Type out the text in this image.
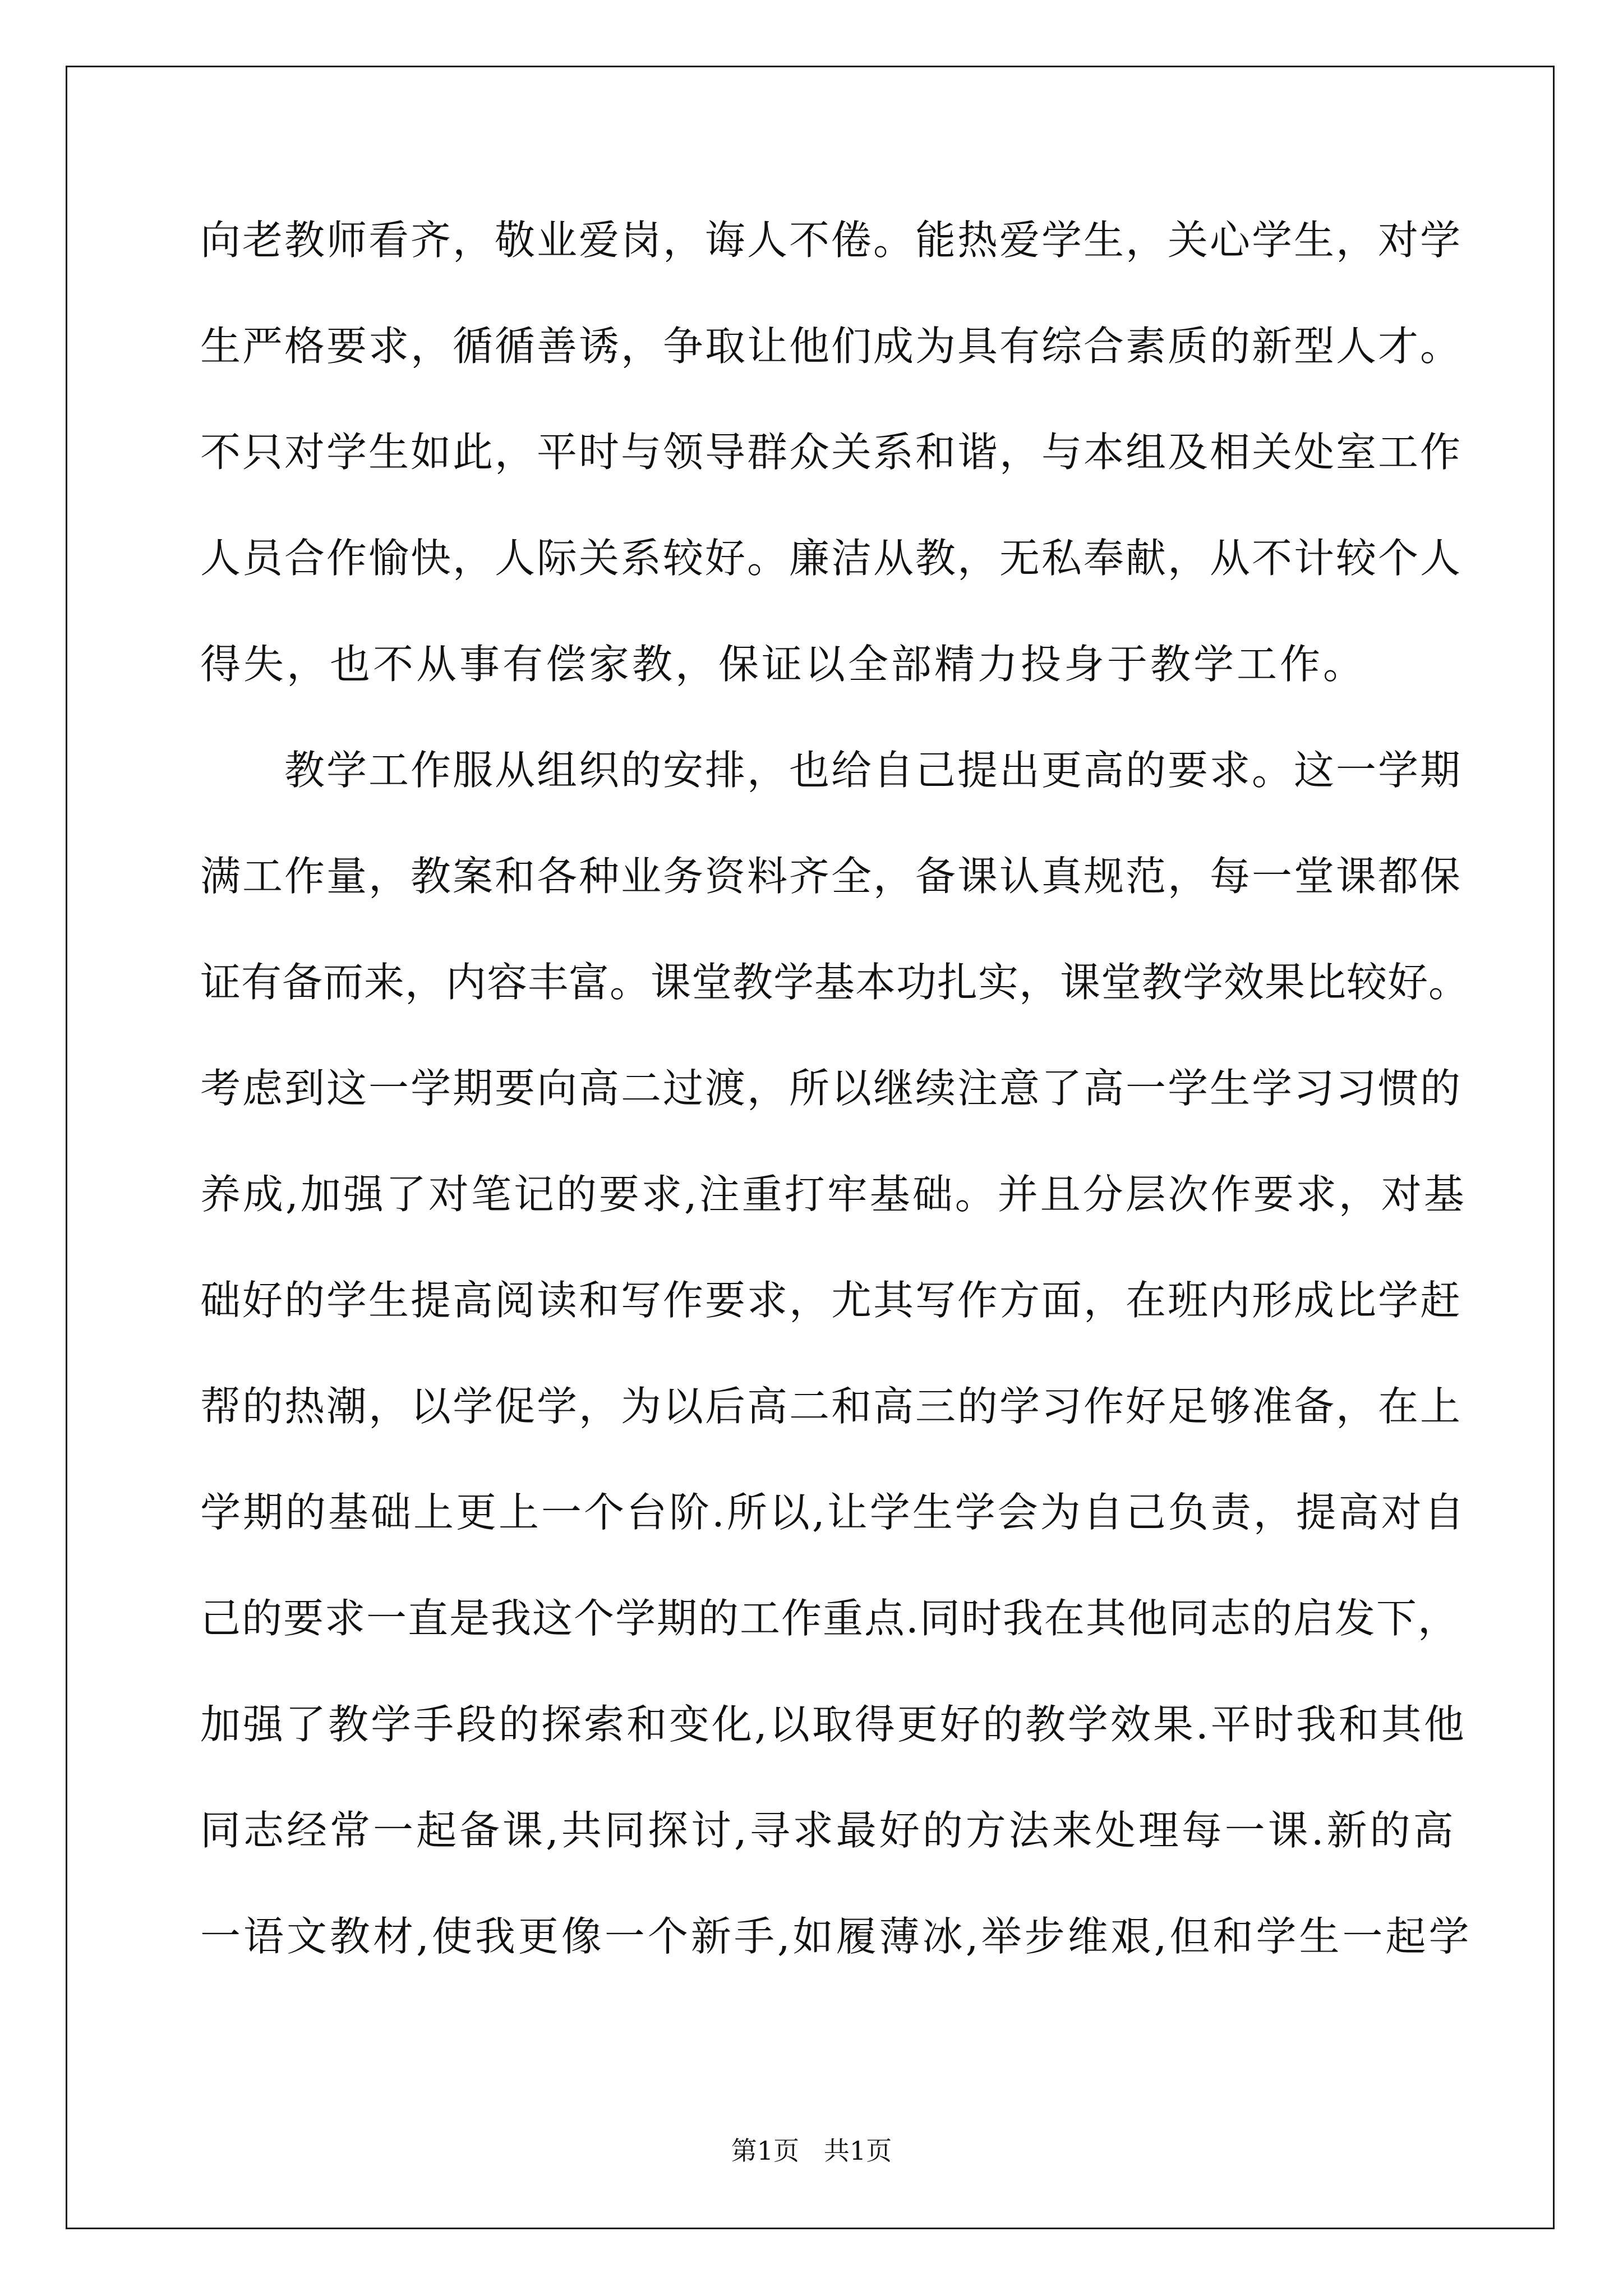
向老教师看齐，敬业爱岗，诲人不倦。能热爱学生，关心学生，对学
生严格要求，循循善诱，争取让他们成为具有综合素质的新型人才。
不只对学生如此，平时与领导群众关系和谐，与本组及相关处室工作
人员合作愉快，人际关系较好。廉洁从教，无私奉献，从不计较个人
得失，也不从事有偿家教，保证以全部精力投身于教学工作。
教学工作服从组织的安排，也给自己提出更高的要求。这一学期
满工作量，教案和各种业务资料齐全，备课认真规范，每一堂课都保
证有备而来，内容丰富。课堂教学基本功扎实，课堂教学效果比较好。
考虑到这一学期要向高二过渡，所以继续注意了高一学生学习习惯的
养成,加强了对笔记的要求,注重打牢基础。并且分层次作要求，对基
础好的学生提高阅读和写作要求，尤其写作方面，在班内形成比学赶
帮的热潮，以学促学，为以后高二和高三的学习作好足够准备，在上
学期的基础上更上一个台阶.所以,让学生学会为自己负责，提高对自
己的要求一直是我这个学期的工作重点.同时我在其他同志的启发下，
加强了教学手段的探索和变化,以取得更好的教学效果.平时我和其他
同志经常一起备课,共同探讨,寻求最好的方法来处理每一课.新的高
一语文教材,使我更像一个新手,如履薄冰,举步维艰,但和学生一起学
第1页   共1页
